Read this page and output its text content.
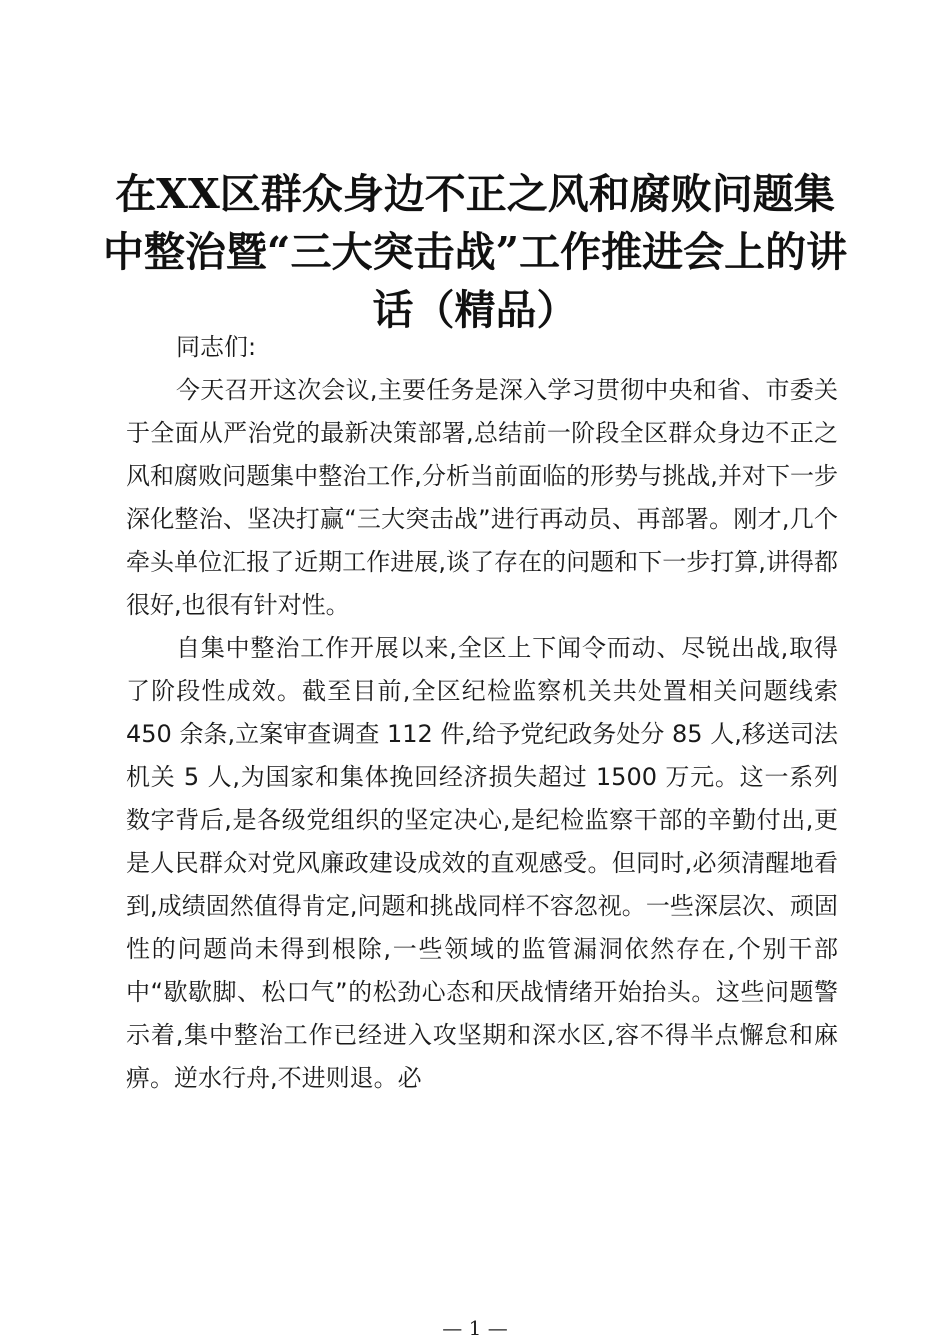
在XX区群众身边不正之风和腐败问题集中整治暨“三大突击战”工作推进会上的讲话（精品）

同志们:

今天召开这次会议,主要任务是深入学习贯彻中央和省、市委关于全面从严治党的最新决策部署,总结前一阶段全区群众身边不正之风和腐败问题集中整治工作,分析当前面临的形势与挑战,并对下一步深化整治、坚决打赢“三大突击战”进行再动员、再部署。刚才,几个牵头单位汇报了近期工作进展,谈了存在的问题和下一步打算,讲得都很好,也很有针对性。

自集中整治工作开展以来,全区上下闻令而动、尽锐出战,取得了阶段性成效。截至目前,全区纪检监察机关共处置相关问题线索 450 余条,立案审查调查 112 件,给予党纪政务处分 85 人,移送司法机关 5 人,为国家和集体挽回经济损失超过 1500 万元。这一系列数字背后,是各级党组织的坚定决心,是纪检监察干部的辛勤付出,更是人民群众对党风廉政建设成效的直观感受。但同时,必须清醒地看到,成绩固然值得肯定,问题和挑战同样不容忽视。一些深层次、顽固性的问题尚未得到根除,一些领域的监管漏洞依然存在,个别干部中“歇歇脚、松口气”的松劲心态和厌战情绪开始抬头。这些问题警示着,集中整治工作已经进入攻坚期和深水区,容不得半点懈怠和麻痹。逆水行舟,不进则退。必

— 1 —
